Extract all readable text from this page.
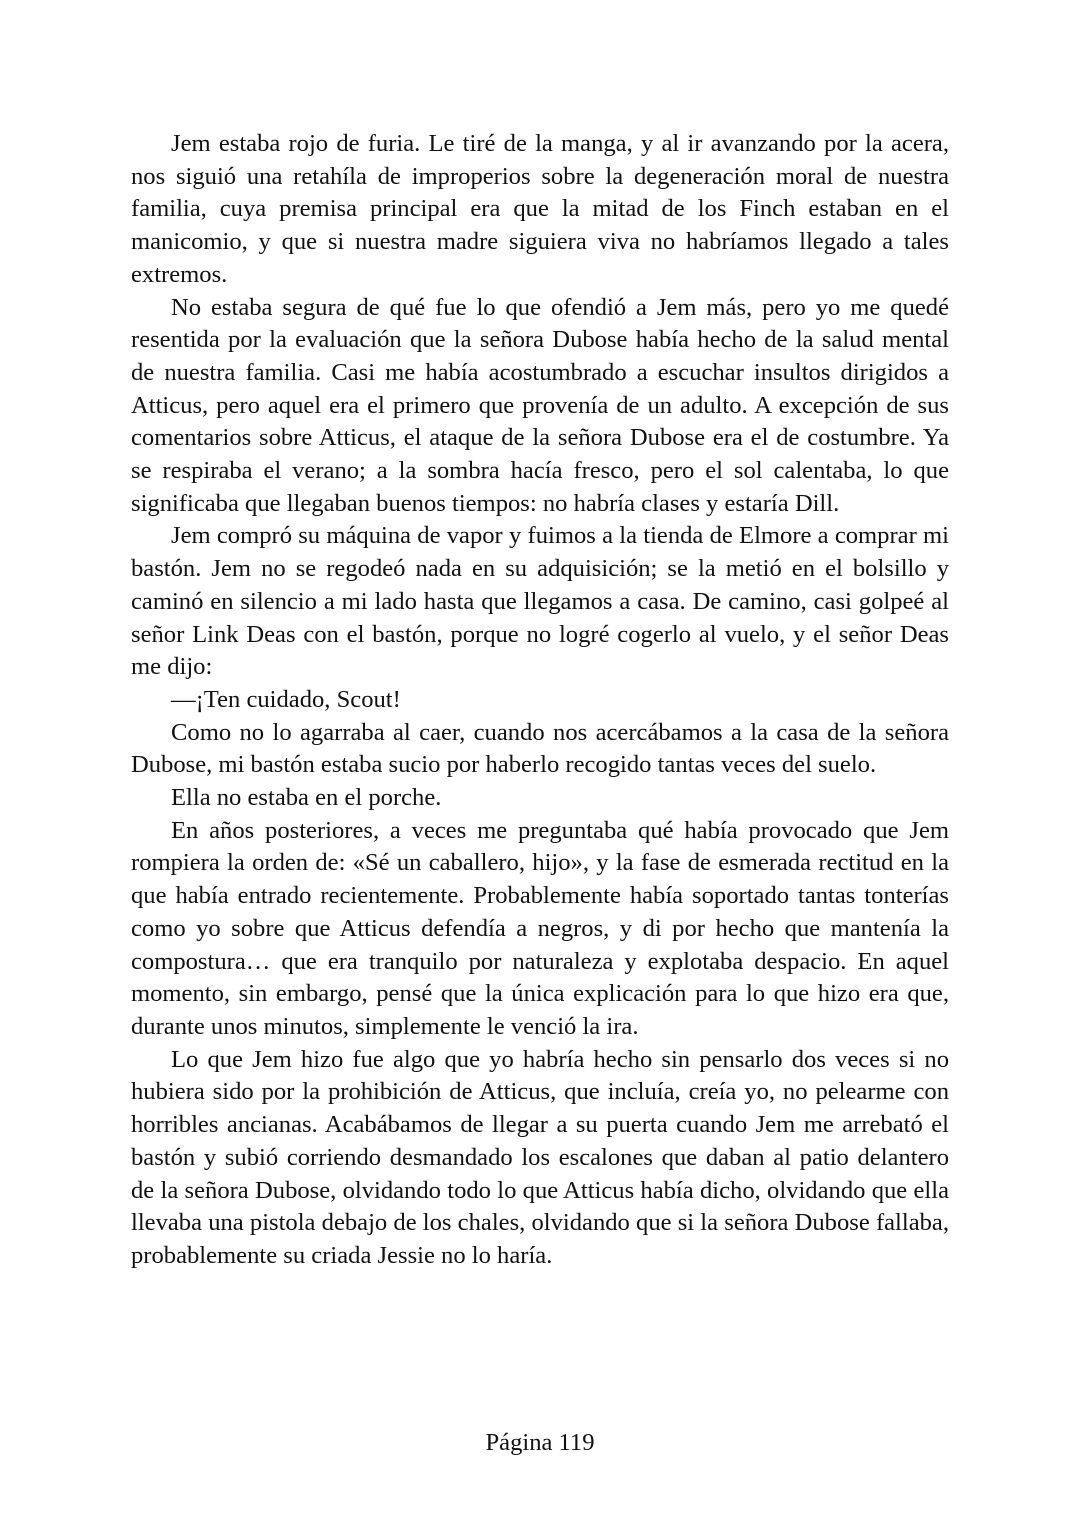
Jem estaba rojo de furia. Le tiré de la manga, y al ir avanzando por la acera, nos siguió una retahíla de improperios sobre la degeneración moral de nuestra familia, cuya premisa principal era que la mitad de los Finch estaban en el manicomio, y que si nuestra madre siguiera viva no habríamos llegado a tales extremos.

No estaba segura de qué fue lo que ofendió a Jem más, pero yo me quedé resentida por la evaluación que la señora Dubose había hecho de la salud mental de nuestra familia. Casi me había acostumbrado a escuchar insultos dirigidos a Atticus, pero aquel era el primero que provenía de un adulto. A excepción de sus comentarios sobre Atticus, el ataque de la señora Dubose era el de costumbre. Ya se respiraba el verano; a la sombra hacía fresco, pero el sol calentaba, lo que significaba que llegaban buenos tiempos: no habría clases y estaría Dill.

Jem compró su máquina de vapor y fuimos a la tienda de Elmore a comprar mi bastón. Jem no se regodeó nada en su adquisición; se la metió en el bolsillo y caminó en silencio a mi lado hasta que llegamos a casa. De camino, casi golpeé al señor Link Deas con el bastón, porque no logré cogerlo al vuelo, y el señor Deas me dijo:

—¡Ten cuidado, Scout!

Como no lo agarraba al caer, cuando nos acercábamos a la casa de la señora Dubose, mi bastón estaba sucio por haberlo recogido tantas veces del suelo.

Ella no estaba en el porche.

En años posteriores, a veces me preguntaba qué había provocado que Jem rompiera la orden de: «Sé un caballero, hijo», y la fase de esmerada rectitud en la que había entrado recientemente. Probablemente había soportado tantas tonterías como yo sobre que Atticus defendía a negros, y di por hecho que mantenía la compostura… que era tranquilo por naturaleza y explotaba despacio. En aquel momento, sin embargo, pensé que la única explicación para lo que hizo era que, durante unos minutos, simplemente le venció la ira.

Lo que Jem hizo fue algo que yo habría hecho sin pensarlo dos veces si no hubiera sido por la prohibición de Atticus, que incluía, creía yo, no pelearme con horribles ancianas. Acabábamos de llegar a su puerta cuando Jem me arrebató el bastón y subió corriendo desmandado los escalones que daban al patio delantero de la señora Dubose, olvidando todo lo que Atticus había dicho, olvidando que ella llevaba una pistola debajo de los chales, olvidando que si la señora Dubose fallaba, probablemente su criada Jessie no lo haría.

Página 119
